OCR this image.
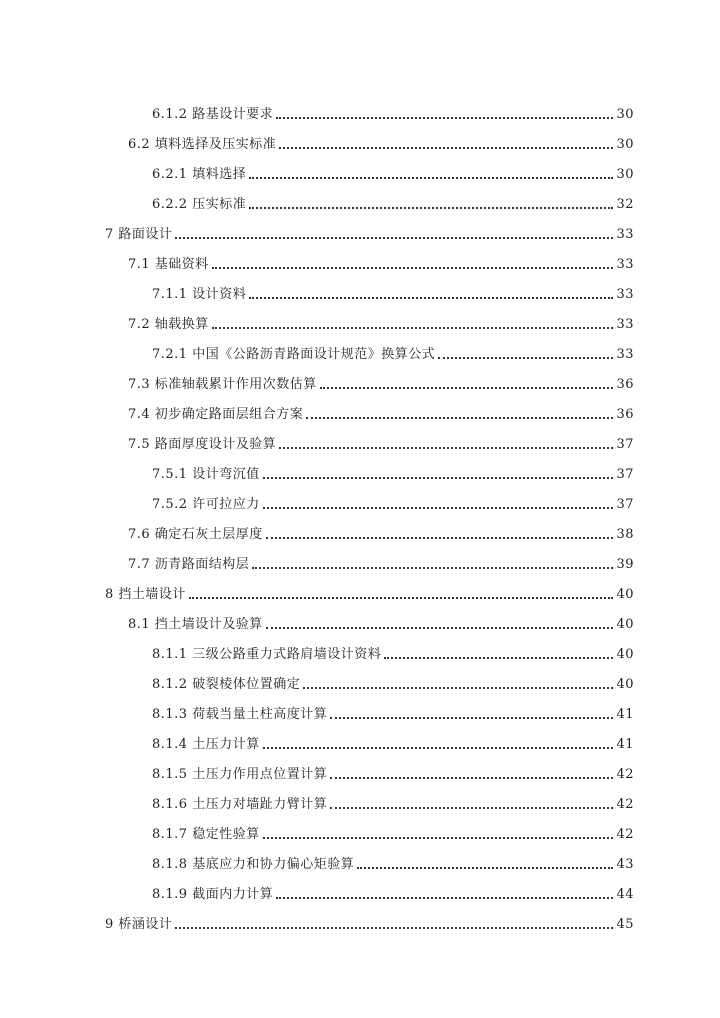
6.1.2 路基设计要求	30
6.2 填料选择及压实标准	30
6.2.1 填料选择	30
6.2.2 压实标准	32
7 路面设计	33
7.1 基础资料	33
7.1.1 设计资料	33
7.2 轴载换算	33
7.2.1 中国《公路沥青路面设计规范》换算公式	33
7.3 标准轴载累计作用次数估算	36
7.4 初步确定路面层组合方案	36
7.5 路面厚度设计及验算	37
7.5.1 设计弯沉值	37
7.5.2 许可拉应力	37
7.6 确定石灰土层厚度	38
7.7 沥青路面结构层	39
8 挡土墙设计	40
8.1 挡土墙设计及验算	40
8.1.1 三级公路重力式路肩墙设计资料	40
8.1.2 破裂棱体位置确定	40
8.1.3 荷载当量土柱高度计算	41
8.1.4 土压力计算	41
8.1.5 土压力作用点位置计算	42
8.1.6 土压力对墙趾力臂计算	42
8.1.7 稳定性验算	42
8.1.8 基底应力和协力偏心矩验算	43
8.1.9 截面内力计算	44
9 桥涵设计	45
